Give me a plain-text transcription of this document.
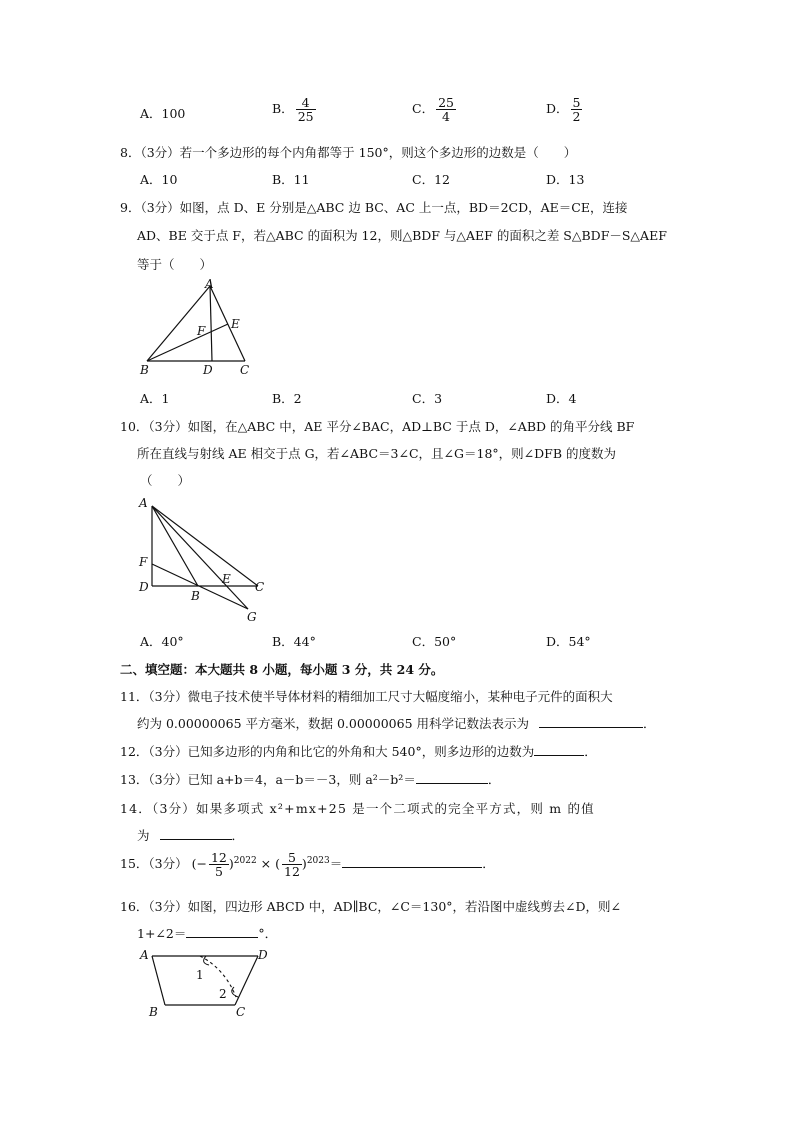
A．100	B． $\frac{4}{25}$	C． $\frac{25}{4}$	D． $\frac{5}{2}$
8．（3分）若一个多边形的每个内角都等于 150°，则这个多边形的边数是（　　）
A．10	B．11	C．12	D．13
9．（3分）如图，点 D、E 分别是△ABC 边 BC、AC 上一点，BD＝2CD，AE＝CE，连接
AD、BE 交于点 F，若△ABC 的面积为 12，则△BDF 与△AEF 的面积之差 S△BDF－S△AEF
等于（　　）
A
B	C
D
E
F
A．1	B．2	C．3	D．4
10．（3分）如图，在△ABC 中，AE 平分∠BAC，AD⊥BC 于点 D，∠ABD 的角平分线 BF
所在直线与射线 AE 相交于点 G，若∠ABC＝3∠C，且∠G＝18°，则∠DFB 的度数为
（　　）
A
F
D
B
E
C
G
A．40°	B．44°	C．50°	D．54°
二、填空题：本大题共 8 小题，每小题 3 分，共 24 分。
11．（3分）微电子技术使半导体材料的精细加工尺寸大幅度缩小，某种电子元件的面积大
约为 0.00000065 平方毫米，数据 0.00000065 用科学记数法表示为	．
12．（3分）已知多边形的内角和比它的外角和大 540°，则多边形的边数为	．
13．（3分）已知 a+b＝4，a－b＝－3，则 a²－b²＝	．
14．（3分）如果多项式 x²+mx+25 是一个二项式的完全平方式，则 m 的值
为	．
15．（3分） (− $\frac{12}{5} )^{2022}$ × ( $\frac{5}{12} )^{2023}=$	．
16．（3分）如图，四边形 ABCD 中，AD∥BC，∠C＝130°，若沿图中虚线剪去∠D，则∠
1+∠2＝	°．
A	D
B	C
1
2
